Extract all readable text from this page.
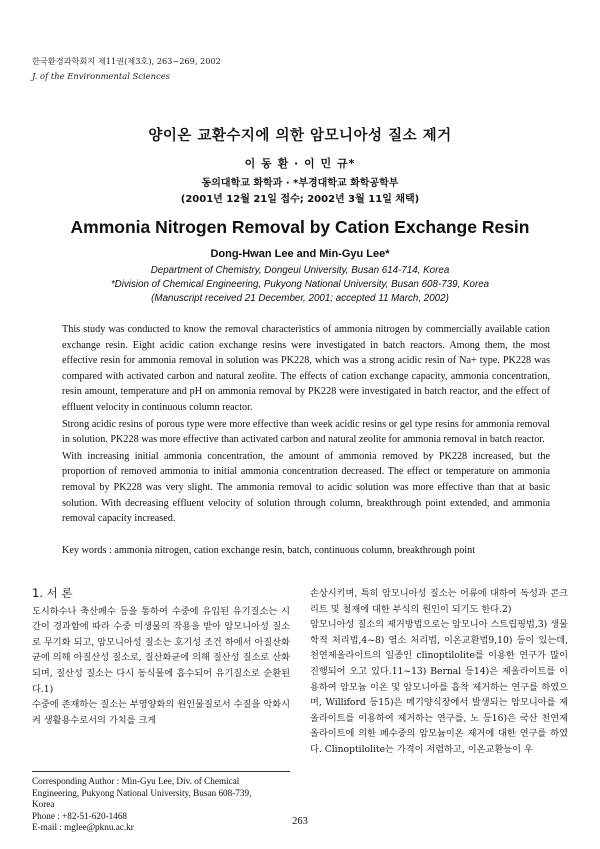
한국환경과학회지 제11권(제3호), 263~269, 2002
J. of the Environmental Sciences
양이온 교환수지에 의한 암모니아성 질소 제거
이 동 환 · 이 민 규*
동의대학교 화학과 · *부경대학교 화학공학부
(2001년 12월 21일 접수; 2002년 3월 11일 채택)
Ammonia Nitrogen Removal by Cation Exchange Resin
Dong-Hwan Lee and Min-Gyu Lee*
Department of Chemistry, Dongeui University, Busan 614-714, Korea
*Division of Chemical Engineering, Pukyong National University, Busan 608-739, Korea
(Manuscript received 21 December, 2001; accepted 11 March, 2002)

This study was conducted to know the removal characteristics of ammonia nitrogen by commercially available cation exchange resin. Eight acidic cation exchange resins were investigated in batch reactors. Among them, the most effective resin for ammonia removal in solution was PK228, which was a strong acidic resin of Na+ type. PK228 was compared with activated carbon and natural zeolite. The effects of cation exchange capacity, ammonia concentration, resin amount, temperature and pH on ammonia removal by PK228 were investigated in batch reactor, and the effect of effluent velocity in continuous column reactor.

Strong acidic resins of porous type were more effective than week acidic resins or gel type resins for ammonia removal in solution. PK228 was more effective than activated carbon and natural zeolite for ammonia removal in batch reactor.

With increasing initial ammonia concentration, the amount of ammonia removed by PK228 increased, but the proportion of removed ammonia to initial ammonia concentration decreased. The effect or temperature on ammonia removal by PK228 was very slight. The ammonia removal to acidic solution was more effective than that at basic solution. With decreasing effluent velocity of solution through column, breakthrough point extended, and ammonia removal capacity increased.

Key words : ammonia nitrogen, cation exchange resin, batch, continuous column, breakthrough point
1. 서 론

도시하수나 축산폐수 등을 통하여 수중에 유입된 유기질소는 시간이 경과함에 따라 수중 미생물의 작용을 받아 암모니아성 질소로 무기화 되고, 암모니아성 질소는 호기성 조건 하에서 아질산화균에 의해 아질산성 질소로, 질산화균에 의해 질산성 질소로 산화되며, 질산성 질소는 다시 동식물에 흡수되어 유기질소로 순환된다.1)

수중에 존재하는 질소는 부영양화의 원인물질로서 수질을 악화시켜 생활용수로서의 가치를 크게

손상시키며, 특히 암모니아성 질소는 어류에 대하여 독성과 콘크리트 및 철재에 대한 부식의 원인이 되기도 한다.2)

암모니아성 질소의 제거방법으로는 암모니아 스트립핑법,3) 생물학적 처리법,4~8) 염소 처리법, 이온교환법9,10) 등이 있는데, 천연제올라이트의 일종인 clinoptilolite를 이용한 연구가 많이 진행되어 오고 있다.11~13) Bernal 등14)은 제올라이트를 이용하여 암모늄 이온 및 암모니아를 흡착 제거하는 연구를 하였으며, Williford 등15)은 메기양식장에서 발생되는 암모니아를 제올라이트를 이용하여 제거하는 연구를, 노 등16)은 국산 천연제올라이트에 의한 폐수중의 암모늄이온 제거에 대한 연구를 하였다. Clinoptilolite는 가격이 저렴하고, 이온교환능이 우

Corresponding Author : Min-Gyu Lee, Div. of Chemical
Engineering, Pukyong National University, Busan 608-739,
Korea
Phone : +82-51-620-1468
E-mail : mglee@pknu.ac.kr
263
